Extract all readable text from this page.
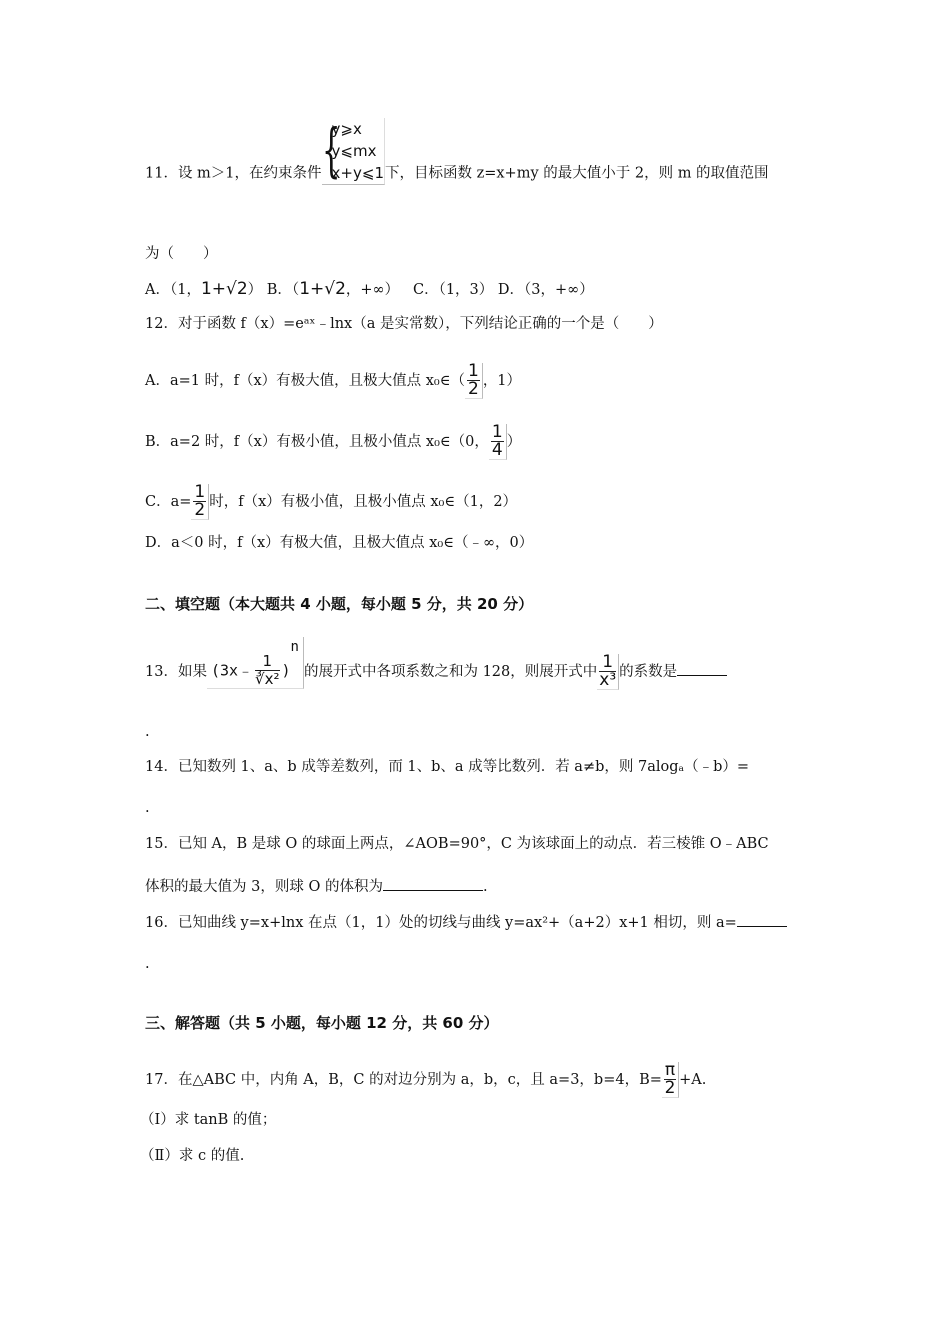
11．设 m＞1，在约束条件 {
y⩾x
y⩽mx
x+y⩽1 下，目标函数 z=x+my 的最大值小于 2，则 m 的取值范围
为（　　）
A．（1，1+√2） B．（1+√2，+∞） C．（1，3） D．（3，+∞）
12．对于函数 f（x）=eᵃˣ﹣lnx（a 是实常数），下列结论正确的一个是（　　）
A．a=1 时，f（x）有极大值，且极大值点 x₀∈（ $\frac{1}{2}$ ，1）
B．a=2 时，f（x）有极小值，且极小值点 x₀∈（0， $\frac{1}{4}$ ）
C．$a= \frac{1}{2}$ 时，f（x）有极小值，且极小值点 x₀∈（1，2）
D．a＜0 时，f（x）有极大值，且极大值点 x₀∈（﹣∞，0）
二、填空题（本大题共 4 小题，每小题 5 分，共 20 分）
13．如果 (3x﹣ $\frac{1}{\text{∛x²}} )^n$的展开式中各项系数之和为 128，则展开式中 $\frac{1}{\text{x³}}$ 的系数是
.
14．已知数列 1、a、b 成等差数列，而 1、b、a 成等比数列．若 a≠b，则 7alogₐ（﹣b）=
.
15．已知 A，B 是球 O 的球面上两点，∠AOB=90°，C 为该球面上的动点．若三棱锥 O﹣ABC
体积的最大值为 3，则球 O 的体积为	.
16．已知曲线 y=x+lnx 在点（1，1）处的切线与曲线 y=ax²+（a+2）x+1 相切，则 a=
.
三、解答题（共 5 小题，每小题 12 分，共 60 分）
17．在△ABC 中，内角 A，B，C 的对边分别为 a，b，c，且 a=3，b=4，$B= \frac{\pi}{2} +A$.
（I）求 tanB 的值；
（Ⅱ）求 c 的值.
